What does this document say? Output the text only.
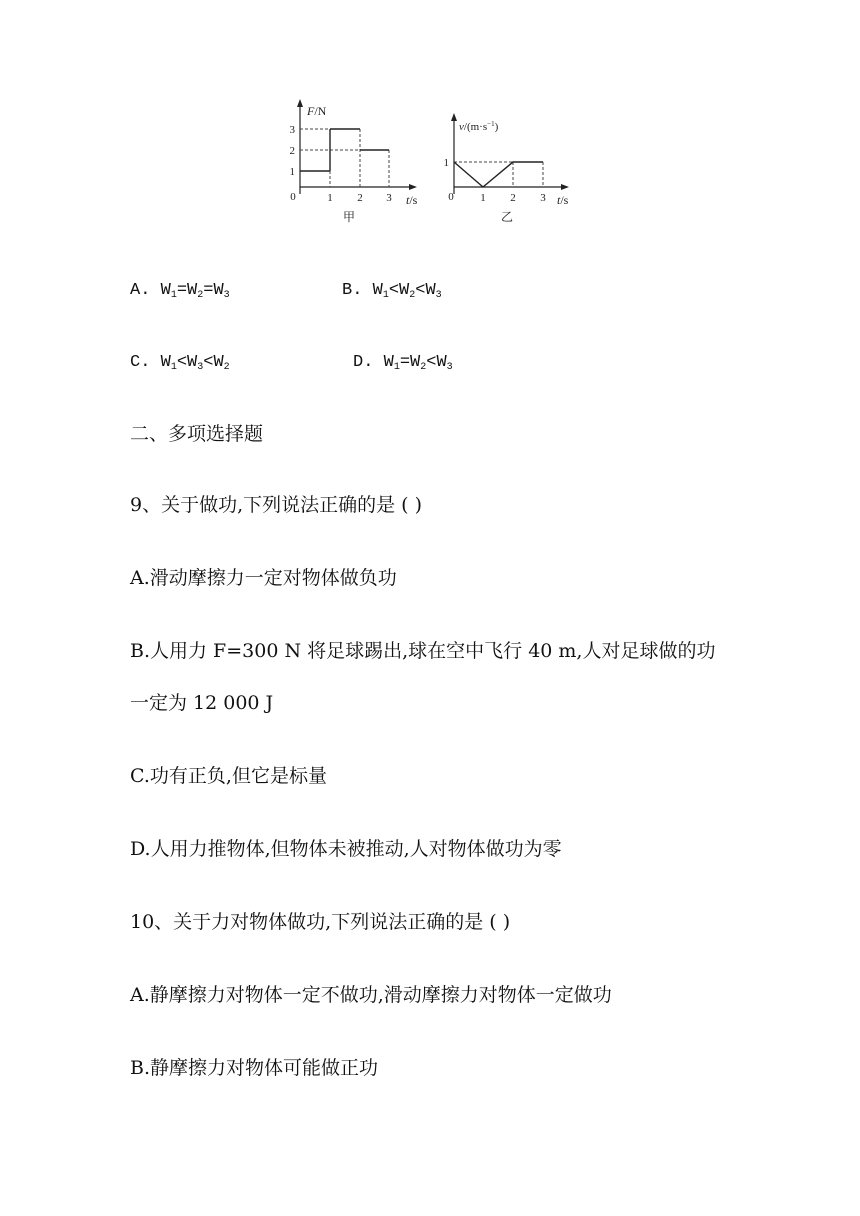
F/N
t/s
0
3
2
1
1 2 3
甲
$v/(m\cdot s^{-1})$
t/s
0
1
1 2 3
乙
A. $W_1=W_2=W_3$	B. $W_1<W_2<W_3$
C. $W_1<W_3<W_2$	D. $W_1=W_2<W_3$
二、多项选择题
9、关于做功,下列说法正确的是 ( )
A.滑动摩擦力一定对物体做负功
B.人用力 F=300 N 将足球踢出,球在空中飞行 40 m,人对足球做的功
一定为 12 000 J
C.功有正负,但它是标量
D.人用力推物体,但物体未被推动,人对物体做功为零
10、关于力对物体做功,下列说法正确的是 ( )
A.静摩擦力对物体一定不做功,滑动摩擦力对物体一定做功
B.静摩擦力对物体可能做正功
